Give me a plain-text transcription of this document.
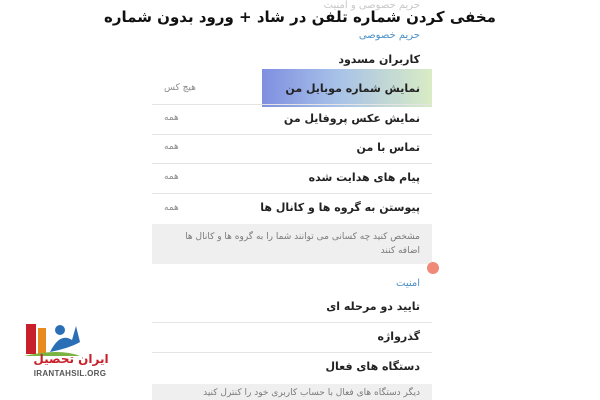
مخفی کردن شماره تلفن در شاد + ورود بدون شماره
حریم حصوصی و امنیت
حریم خصوصی
کاربران مسدود
نمایش شماره موبایل من
هیچ کس
نمایش عکس پروفایل من
همه
تماس با من
همه
پیام های هدایت شده
همه
پیوستن به گروه ها و کانال ها
همه
مشخص کنید چه کسانی می توانند شما را به گروه ها و کانال ها اضافه کنند
امنیت
تایید دو مرحله ای
گذرواژه
دستگاه های فعال
دیگر دستگاه های فعال با حساب کاربری خود را کنترل کنید
ایران تحصیل
IRANTAHSIL.ORG
